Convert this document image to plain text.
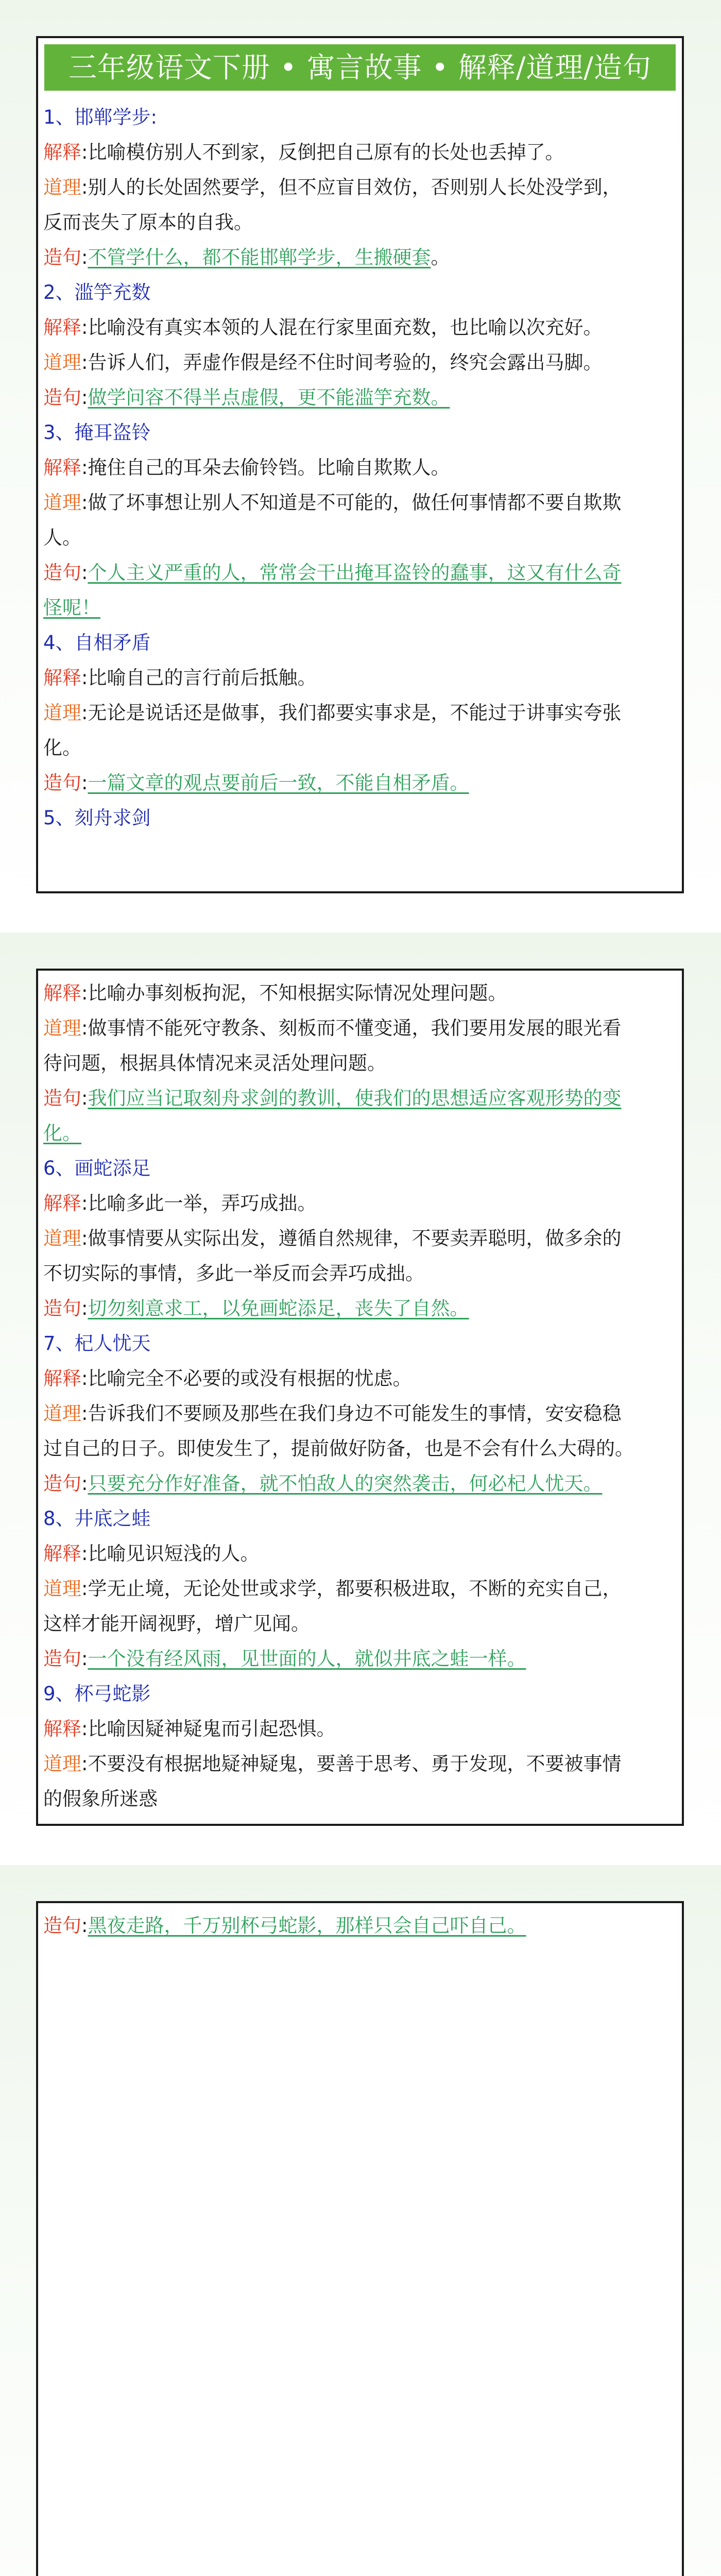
三年级语文下册 • 寓言故事 • 解释/道理/造句

1、邯郸学步:

解释:比喻模仿别人不到家，反倒把自己原有的长处也丢掉了。

道理:别人的长处固然要学，但不应盲目效仿，否则别人长处没学到，

反而丧失了原本的自我。

造句:不管学什么，都不能邯郸学步，生搬硬套。

2、滥竽充数

解释:比喻没有真实本领的人混在行家里面充数，也比喻以次充好。

道理:告诉人们，弄虚作假是经不住时间考验的，终究会露出马脚。

造句:做学问容不得半点虚假，更不能滥竽充数。

3、掩耳盗铃

解释:掩住自己的耳朵去偷铃铛。比喻自欺欺人。

道理:做了坏事想让别人不知道是不可能的，做任何事情都不要自欺欺

人。

造句:个人主义严重的人，常常会干出掩耳盗铃的蠢事，这又有什么奇

怪呢！

4、自相矛盾

解释:比喻自己的言行前后抵触。

道理:无论是说话还是做事，我们都要实事求是，不能过于讲事实夸张

化。

造句:一篇文章的观点要前后一致，不能自相矛盾。

5、刻舟求剑

解释:比喻办事刻板拘泥，不知根据实际情况处理问题。

道理:做事情不能死守教条、刻板而不懂变通，我们要用发展的眼光看

待问题，根据具体情况来灵活处理问题。

造句:我们应当记取刻舟求剑的教训，使我们的思想适应客观形势的变

化。

6、画蛇添足

解释:比喻多此一举，弄巧成拙。

道理:做事情要从实际出发，遵循自然规律，不要卖弄聪明，做多余的

不切实际的事情，多此一举反而会弄巧成拙。

造句:切勿刻意求工，以免画蛇添足，丧失了自然。

7、杞人忧天

解释:比喻完全不必要的或没有根据的忧虑。

道理:告诉我们不要顾及那些在我们身边不可能发生的事情，安安稳稳

过自己的日子。即使发生了，提前做好防备，也是不会有什么大碍的。

造句:只要充分作好准备，就不怕敌人的突然袭击，何必杞人忧天。

8、井底之蛙

解释:比喻见识短浅的人。

道理:学无止境，无论处世或求学，都要积极进取，不断的充实自己，

这样才能开阔视野，增广见闻。

造句:一个没有经风雨，见世面的人，就似井底之蛙一样。

9、杯弓蛇影

解释:比喻因疑神疑鬼而引起恐惧。

道理:不要没有根据地疑神疑鬼，要善于思考、勇于发现，不要被事情

的假象所迷惑

造句:黑夜走路，千万别杯弓蛇影，那样只会自己吓自己。
